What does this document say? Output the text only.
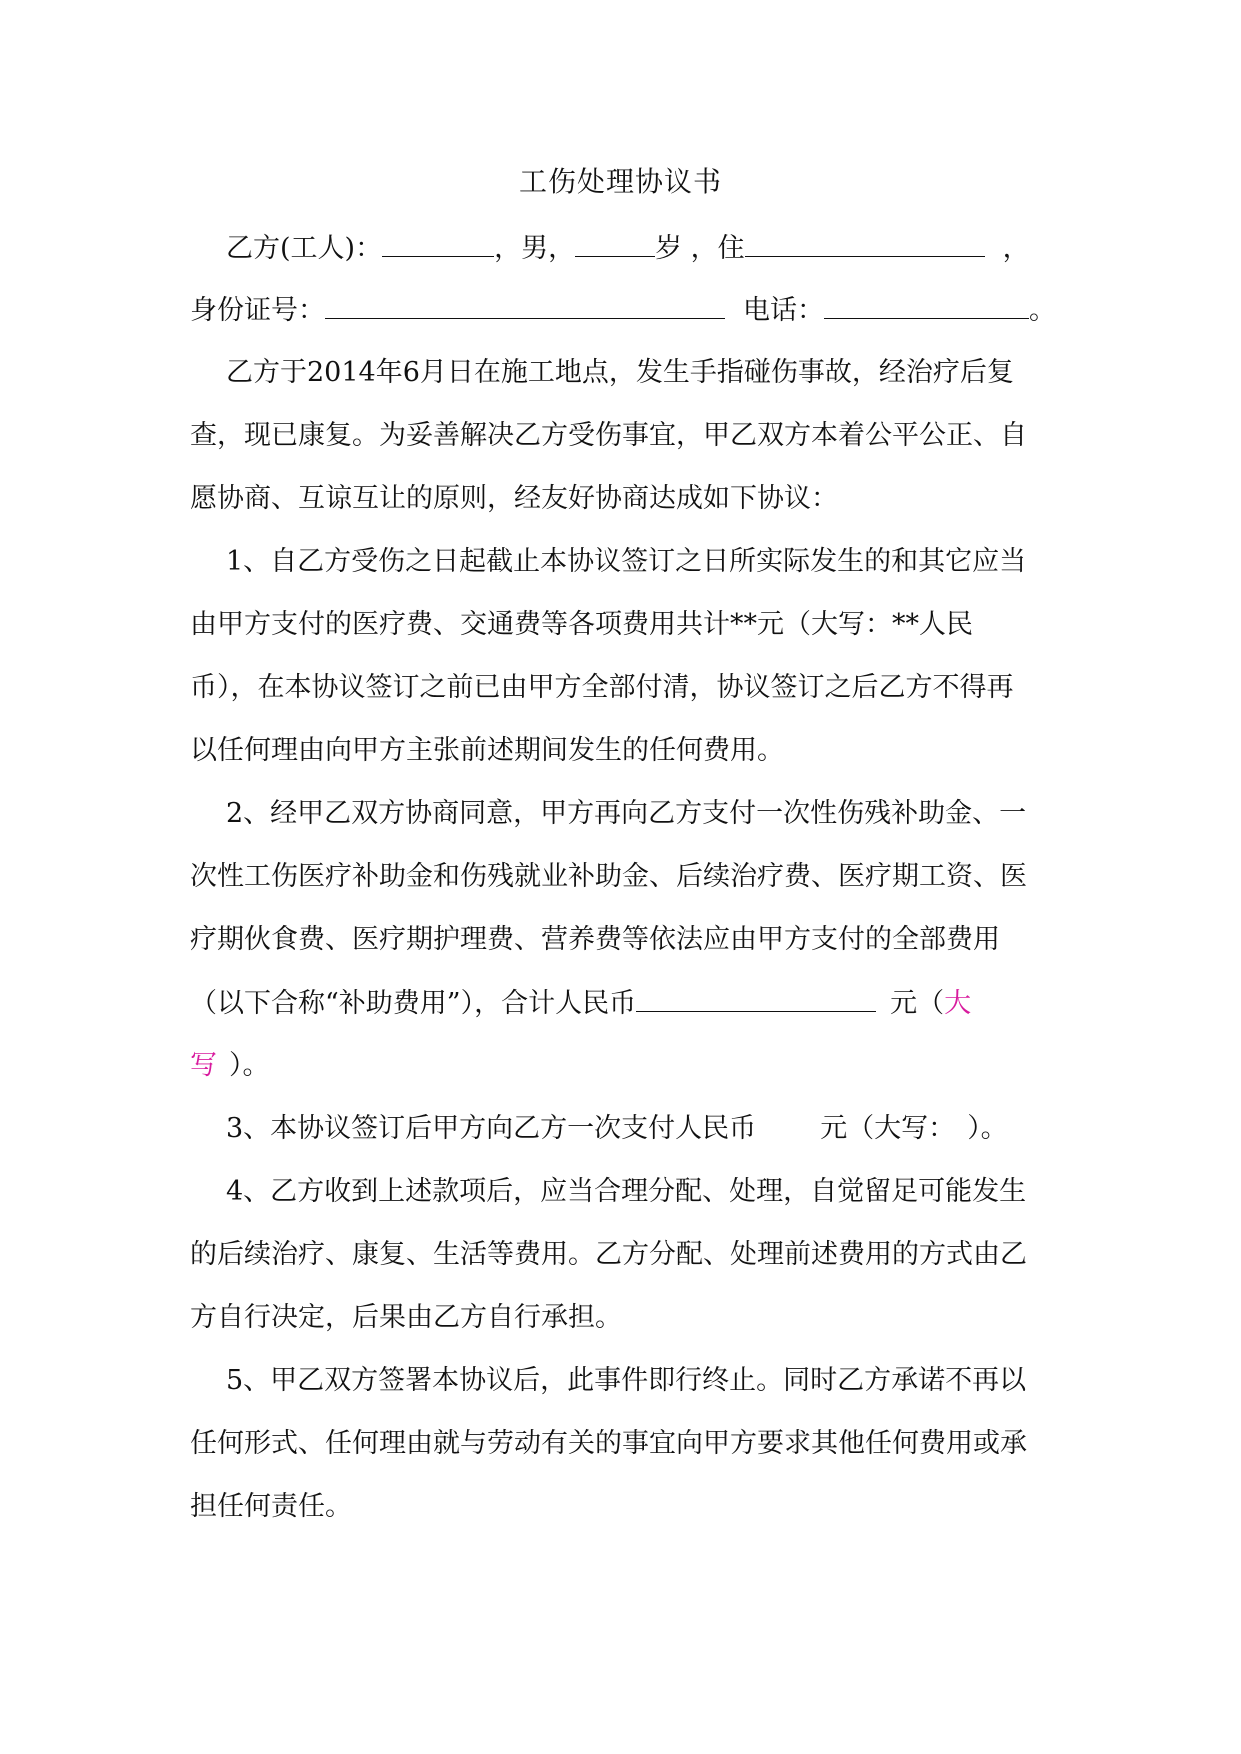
工伤处理协议书
乙方(工人)：	，男，	岁 ，住	，
身份证号：	电话：	。
乙方于2014年6月日在施工地点，发生手指碰伤事故，经治疗后复
查，现已康复。为妥善解决乙方受伤事宜，甲乙双方本着公平公正、自
愿协商、互谅互让的原则，经友好协商达成如下协议：
1、自乙方受伤之日起截止本协议签订之日所实际发生的和其它应当
由甲方支付的医疗费、交通费等各项费用共计**元（大写：**人民
币），在本协议签订之前已由甲方全部付清，协议签订之后乙方不得再
以任何理由向甲方主张前述期间发生的任何费用。
2、经甲乙双方协商同意，甲方再向乙方支付一次性伤残补助金、一
次性工伤医疗补助金和伤残就业补助金、后续治疗费、医疗期工资、医
疗期伙食费、医疗期护理费、营养费等依法应由甲方支付的全部费用
（以下合称“补助费用”），合计人民币	元（大
写 ）。
3、本协议签订后甲方向乙方一次支付人民币 元（大写： ）。
4、乙方收到上述款项后，应当合理分配、处理，自觉留足可能发生
的后续治疗、康复、生活等费用。乙方分配、处理前述费用的方式由乙
方自行决定，后果由乙方自行承担。
5、甲乙双方签署本协议后，此事件即行终止。同时乙方承诺不再以
任何形式、任何理由就与劳动有关的事宜向甲方要求其他任何费用或承
担任何责任。
